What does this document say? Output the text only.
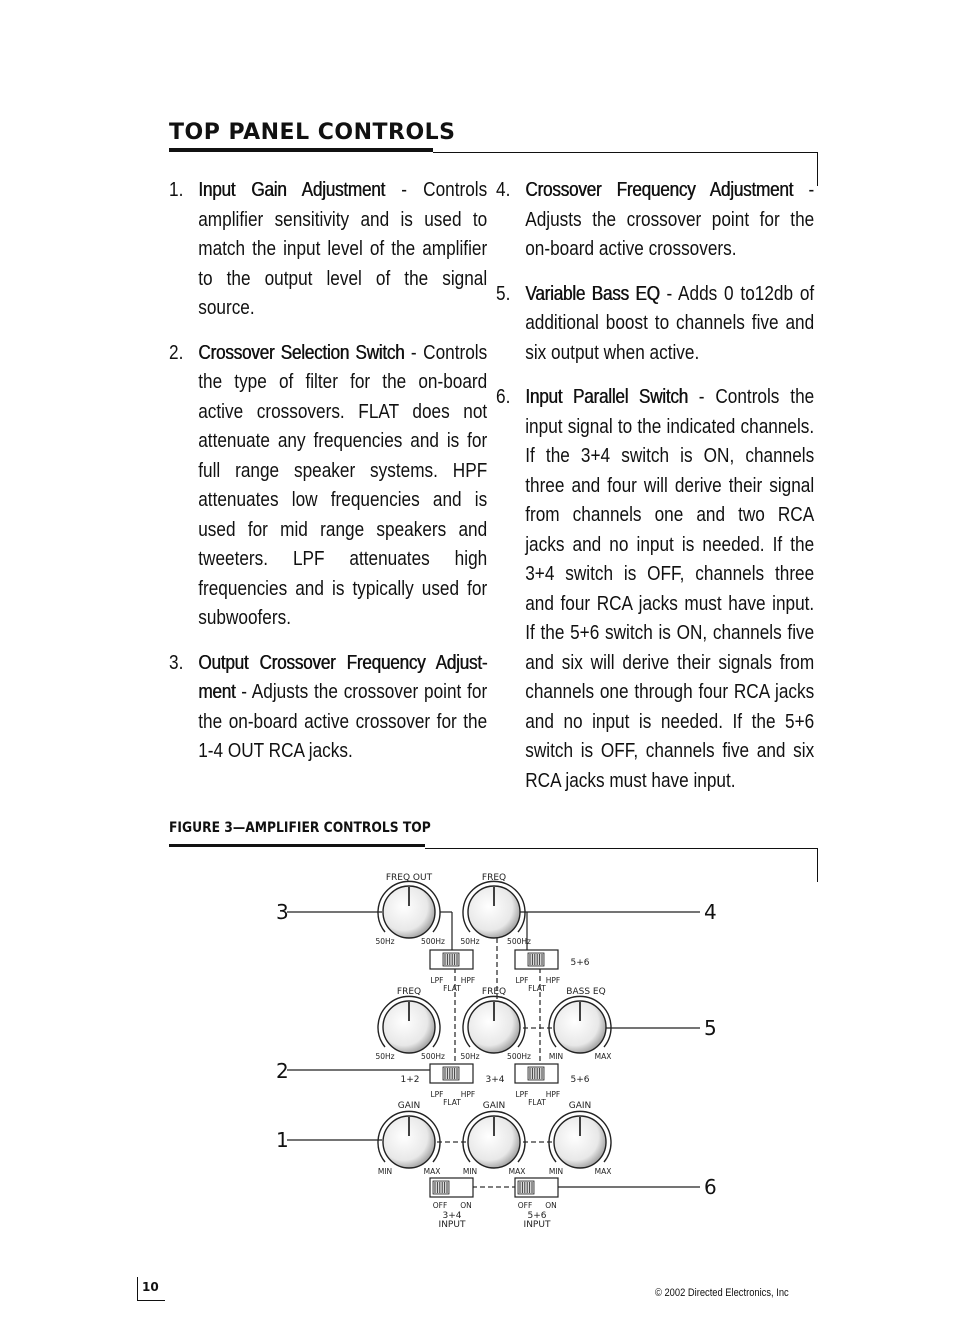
TOP PANEL CONTROLS
1. Input Gain Adjustment - Controls amplifier sensitivity and is used to match the input level of the amplifier to the output level of the signal source.
2. Crossover Selection Switch - Controls the type of filter for the on-board active crossovers. FLAT does not attenuate any frequencies and is for full range speaker systems. HPF attenuates low frequencies and is used for mid range speakers and tweeters. LPF attenuates high frequencies and is typically used for subwoofers.
3. Output Crossover Frequency Adjust-ment - Adjusts the crossover point for the on-board active crossover for the 1-4 OUT RCA jacks.
4. Crossover Frequency Adjustment - Adjusts the crossover point for the on-board active crossovers.
5. Variable Bass EQ - Adds 0 to12db of additional boost to channels five and six output when active.
6. Input Parallel Switch - Controls the input signal to the indicated channels. If the 3+4 switch is ON, channels three and four will derive their signal from channels one and two RCA jacks and no input is needed. If the 3+4 switch is OFF, channels three and four RCA jacks must have input. If the 5+6 switch is ON, channels five and six will derive their signals from channels one through four RCA jacks and no input is needed. If the 5+6 switch is OFF, channels five and six RCA jacks must have input.
FIGURE 3—AMPLIFIER CONTROLS TOP
3	4
2
5
1
6
FREQ OUT	FREQ
FREQ	FREQ	BASS EQ
GAIN	GAIN	GAIN
50Hz	500Hz 50Hz	500Hz
50Hz	500Hz 50Hz	500Hz MIN	MAX
MIN	MAX	MIN	MAX	MIN	MAX
LPF HPF
FLAT
LPF HPF
FLAT
LPF HPF
FLAT
LPF HPF
FLAT
OFF ON	OFF ON
5+6
1+2	3+4	5+6
3+4	5+6
INPUT	INPUT
10	© 2002 Directed Electronics, Inc
